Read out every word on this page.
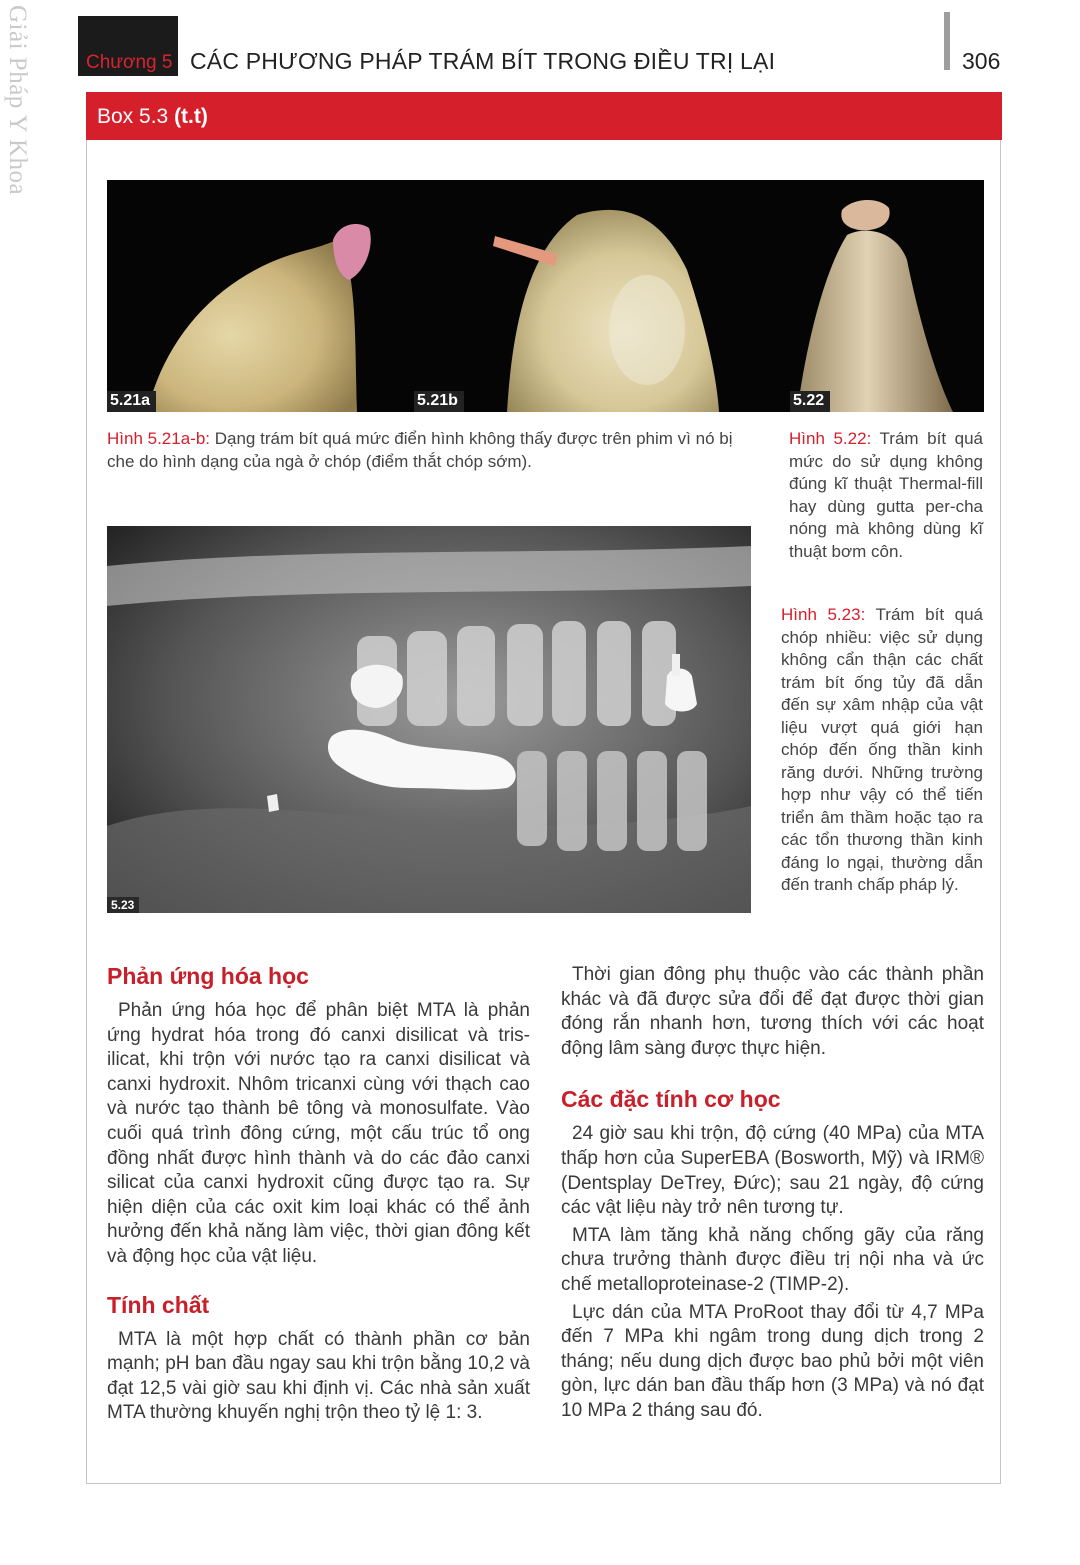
Giải Pháp Y Khoa	Chương 5 CÁC PHƯƠNG PHÁP TRÁM BÍT TRONG ĐIỀU TRỊ LẠI	306
Box 5.3 (t.t)
5.21a	5.21b	5.22
Hình 5.21a-b: Dạng trám bít quá mức điển hình không thấy được trên phim vì nó bị che do hình dạng của ngà ở chóp (điểm thắt chóp sớm).
Hình 5.22: Trám bít quá mức do sử dụng không đúng kĩ thuật Thermal-fill hay dùng gutta per-cha nóng mà không dùng kĩ thuật bơm côn.
Hình 5.23: Trám bít quá chóp nhiều: việc sử dụng không cẩn thận các chất trám bít ống tủy đã dẫn đến sự xâm nhập của vật liệu vượt quá giới hạn chóp đến ống thần kinh răng dưới. Những trường hợp như vậy có thể tiến triển âm thầm hoặc tạo ra các tổn thương thần kinh đáng lo ngại, thường dẫn đến tranh chấp pháp lý.
5.23
Phản ứng hóa học

Phản ứng hóa học để phân biệt MTA là phản ứng hydrat hóa trong đó canxi disilicat và tris-ilicat, khi trộn với nước tạo ra canxi disilicat và canxi hydroxit. Nhôm tricanxi cùng với thạch cao và nước tạo thành bê tông và monosulfate. Vào cuối quá trình đông cứng, một cấu trúc tổ ong đồng nhất được hình thành và do các đảo canxi silicat của canxi hydroxit cũng được tạo ra. Sự hiện diện của các oxit kim loại khác có thể ảnh hưởng đến khả năng làm việc, thời gian đông kết và động học của vật liệu.

Tính chất

MTA là một hợp chất có thành phần cơ bản mạnh; pH ban đầu ngay sau khi trộn bằng 10,2 và đạt 12,5 vài giờ sau khi định vị. Các nhà sản xuất MTA thường khuyến nghị trộn theo tỷ lệ 1: 3.

Thời gian đông phụ thuộc vào các thành phần khác và đã được sửa đổi để đạt được thời gian đóng rắn nhanh hơn, tương thích với các hoạt động lâm sàng được thực hiện.

Các đặc tính cơ học

24 giờ sau khi trộn, độ cứng (40 MPa) của MTA thấp hơn của SuperEBA (Bosworth, Mỹ) và IRM® (Dentsplay DeTrey, Đức); sau 21 ngày, độ cứng các vật liệu này trở nên tương tự.

MTA làm tăng khả năng chống gãy của răng chưa trưởng thành được điều trị nội nha và ức chế metalloproteinase-2 (TIMP-2).

Lực dán của MTA ProRoot thay đổi từ 4,7 MPa đến 7 MPa khi ngâm trong dung dịch trong 2 tháng; nếu dung dịch được bao phủ bởi một viên gòn, lực dán ban đầu thấp hơn (3 MPa) và nó đạt 10 MPa 2 tháng sau đó.
